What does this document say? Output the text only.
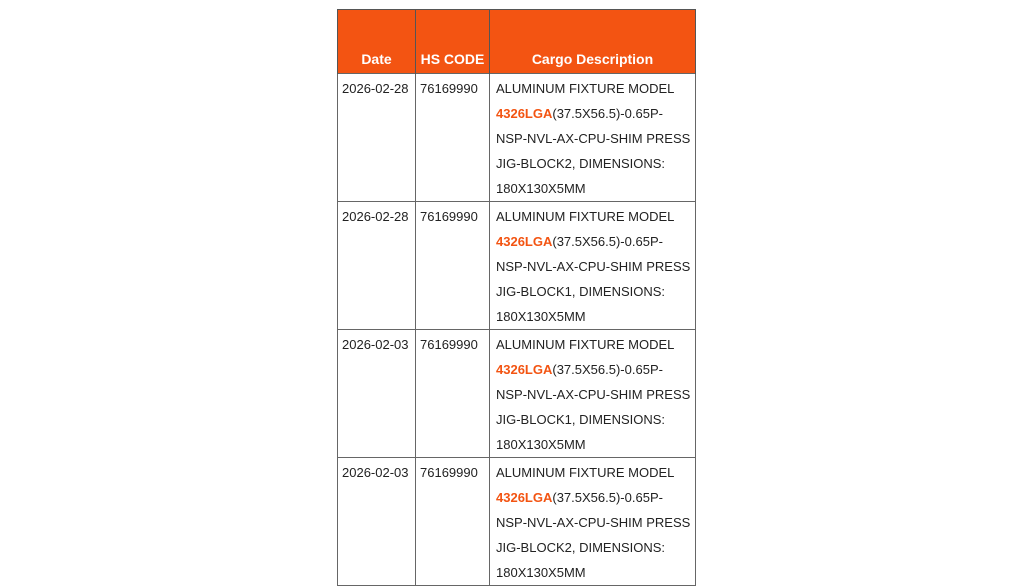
Date	HS CODE	Cargo Description
2026-02-28	76169990	ALUMINUM FIXTURE MODEL
4326LGA(37.5X56.5)-0.65P-
NSP-NVL-AX-CPU-SHIM PRESS
JIG-BLOCK2, DIMENSIONS:
180X130X5MM

2026-02-28	76169990	ALUMINUM FIXTURE MODEL
4326LGA(37.5X56.5)-0.65P-
NSP-NVL-AX-CPU-SHIM PRESS
JIG-BLOCK1, DIMENSIONS:
180X130X5MM

2026-02-03	76169990	ALUMINUM FIXTURE MODEL
4326LGA(37.5X56.5)-0.65P-
NSP-NVL-AX-CPU-SHIM PRESS
JIG-BLOCK1, DIMENSIONS:
180X130X5MM

2026-02-03	76169990	ALUMINUM FIXTURE MODEL
4326LGA(37.5X56.5)-0.65P-
NSP-NVL-AX-CPU-SHIM PRESS
JIG-BLOCK2, DIMENSIONS:
180X130X5MM
